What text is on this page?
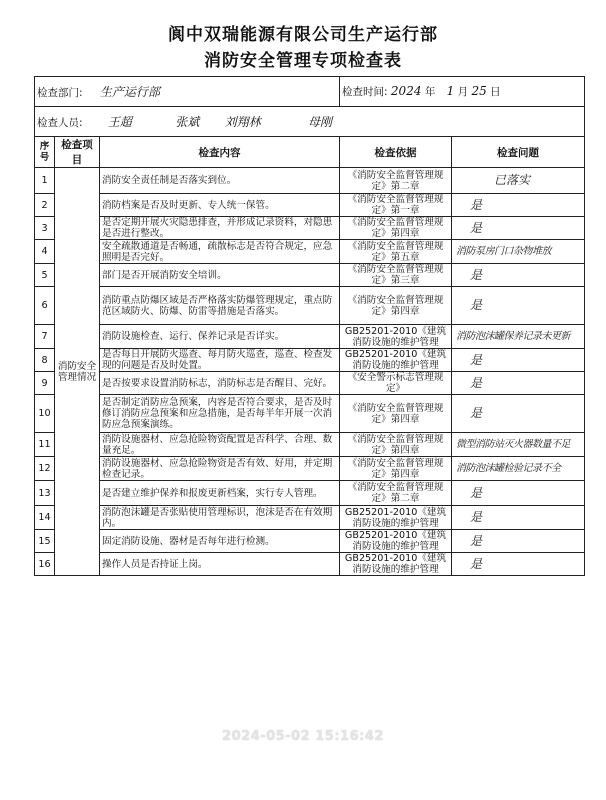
阆中双瑞能源有限公司生产运行部
消防安全管理专项检查表
检查部门: 生产运行部			检查时间: 2024 年 1 月 25 日	
检查人员: 王超 张斌 刘翔林 母刚				
序号	检查项目	检查内容	检查依据	检查问题
1	消防安全管理情况	消防安全责任制是否落实到位。	《消防安全监督管理规定》第二章	已落实

2		消防档案是否及时更新、专人统一保管。	《消防安全监督管理规定》第一章	是

3		是否定期开展火灾隐患排查，并形成记录资料，对隐患是否进行整改。	《消防安全监督管理规定》第四章	是

4		安全疏散通道是否畅通，疏散标志是否符合规定，应急照明是否完好。	《消防安全监督管理规定》第五章	消防泵房门口杂物堆放

5		部门是否开展消防安全培训。	《消防安全监督管理规定》第三章	是

6		消防重点防爆区域是否严格落实防爆管理规定，重点防范区域防火、防爆、防雷等措施是否落实。	《消防安全监督管理规定》第四章	是

7		消防设施检查、运行、保养记录是否详实。	GB25201-2010《建筑消防设施的维护管理	消防泡沫罐保养记录未更新

8		是否每日开展防火巡查、每月防火巡查，巡查、检查发现的问题是否及时处置。	GB25201-2010《建筑消防设施的维护管理	是

9		是否按要求设置消防标志，消防标志是否醒目、完好。	《安全警示标志管理规定》	是

10		是否制定消防应急预案，内容是否符合要求，是否及时修订消防应急预案和应急措施，是否每半年开展一次消防应急预案演练。	《消防安全监督管理规定》第四章	是

11		消防设施器材、应急抢险物资配置是否科学、合理、数量充足。	《消防安全监督管理规定》第四章	微型消防站灭火器数量不足

12		消防设施器材、应急抢险物资是否有效、好用，并定期检查记录。	《消防安全监督管理规定》第四章	消防泡沫罐检验记录不全

13		是否建立维护保养和报废更新档案，实行专人管理。	《消防安全监督管理规定》第二章	是

14		消防泡沫罐是否张贴使用管理标识，泡沫是否在有效期内。	GB25201-2010《建筑消防设施的维护管理	是

15		固定消防设施、器材是否每年进行检测。	GB25201-2010《建筑消防设施的维护管理	是

16		操作人员是否持证上岗。	GB25201-2010《建筑消防设施的维护管理	是
2024-05-02 15:16:42
